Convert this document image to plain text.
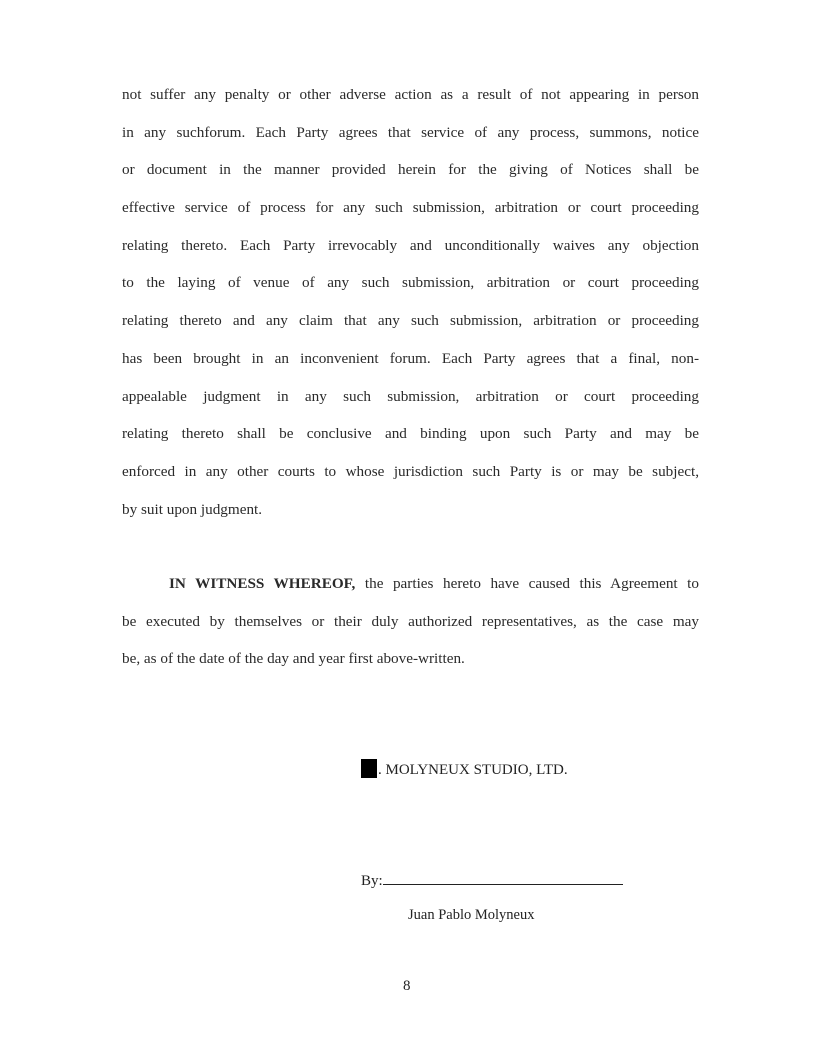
not suffer any penalty or other adverse action as a result of not appearing in person
in any suchforum. Each Party agrees that service of any process, summons, notice
or document in the manner provided herein for the giving of Notices shall be
effective service of process for any such submission, arbitration or court proceeding
relating thereto. Each Party irrevocably and unconditionally waives any objection
to the laying of venue of any such submission, arbitration or court proceeding
relating thereto and any claim that any such submission, arbitration or proceeding
has been brought in an inconvenient forum. Each Party agrees that a final, non-
appealable judgment in any such submission, arbitration or court proceeding
relating thereto shall be conclusive and binding upon such Party and may be
enforced in any other courts to whose jurisdiction such Party is or may be subject,
by suit upon judgment.
IN WITNESS WHEREOF, the parties hereto have caused this Agreement to
be executed by themselves or their duly authorized representatives, as the case may
be, as of the date of the day and year first above-written.
. MOLYNEUX STUDIO, LTD.
By:
Juan Pablo Molyneux
8
